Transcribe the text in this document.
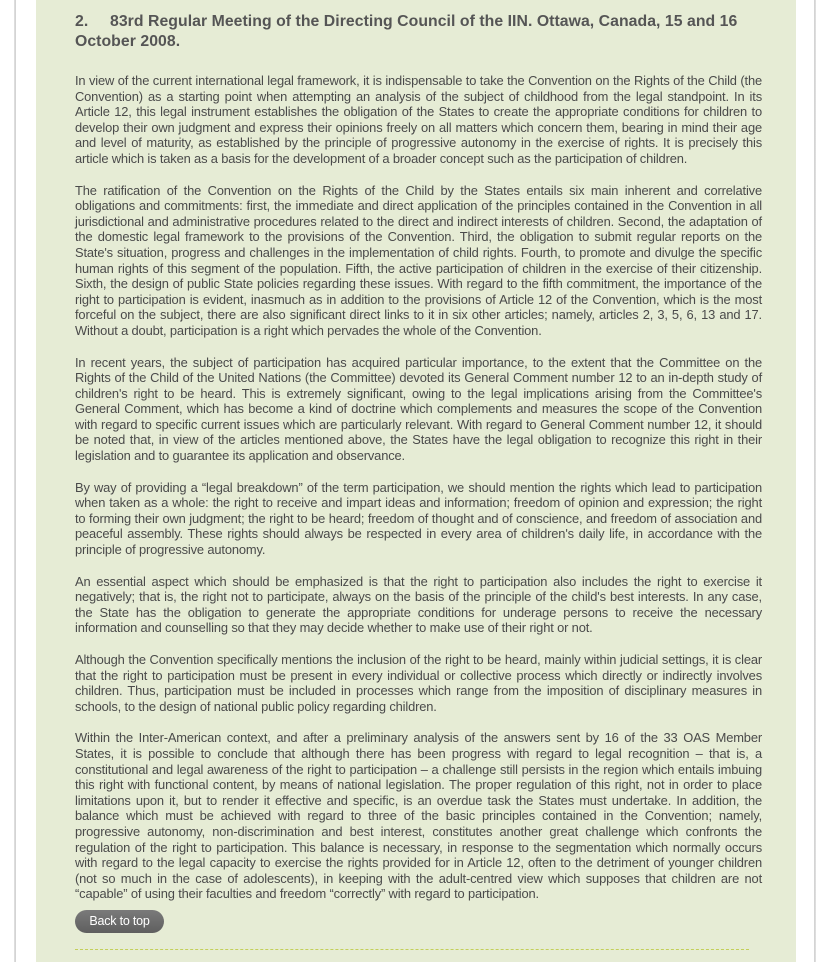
2. 83rd Regular Meeting of the Directing Council of the IIN. Ottawa, Canada, 15 and 16 October 2008.

In view of the current international legal framework, it is indispensable to take the Convention on the Rights of the Child (the Convention) as a starting point when attempting an analysis of the subject of childhood from the legal standpoint. In its Article 12, this legal instrument establishes the obligation of the States to create the appropriate conditions for children to develop their own judgment and express their opinions freely on all matters which concern them, bearing in mind their age and level of maturity, as established by the principle of progressive autonomy in the exercise of rights. It is precisely this article which is taken as a basis for the development of a broader concept such as the participation of children.

The ratification of the Convention on the Rights of the Child by the States entails six main inherent and correlative obligations and commitments: first, the immediate and direct application of the principles contained in the Convention in all jurisdictional and administrative procedures related to the direct and indirect interests of children. Second, the adaptation of the domestic legal framework to the provisions of the Convention. Third, the obligation to submit regular reports on the State's situation, progress and challenges in the implementation of child rights. Fourth, to promote and divulge the specific human rights of this segment of the population. Fifth, the active participation of children in the exercise of their citizenship. Sixth, the design of public State policies regarding these issues. With regard to the fifth commitment, the importance of the right to participation is evident, inasmuch as in addition to the provisions of Article 12 of the Convention, which is the most forceful on the subject, there are also significant direct links to it in six other articles; namely, articles 2, 3, 5, 6, 13 and 17. Without a doubt, participation is a right which pervades the whole of the Convention.

In recent years, the subject of participation has acquired particular importance, to the extent that the Committee on the Rights of the Child of the United Nations (the Committee) devoted its General Comment number 12 to an in-depth study of children's right to be heard. This is extremely significant, owing to the legal implications arising from the Committee's General Comment, which has become a kind of doctrine which complements and measures the scope of the Convention with regard to specific current issues which are particularly relevant. With regard to General Comment number 12, it should be noted that, in view of the articles mentioned above, the States have the legal obligation to recognize this right in their legislation and to guarantee its application and observance.

By way of providing a “legal breakdown” of the term participation, we should mention the rights which lead to participation when taken as a whole: the right to receive and impart ideas and information; freedom of opinion and expression; the right to forming their own judgment; the right to be heard; freedom of thought and of conscience, and freedom of association and peaceful assembly. These rights should always be respected in every area of children's daily life, in accordance with the principle of progressive autonomy.

An essential aspect which should be emphasized is that the right to participation also includes the right to exercise it negatively; that is, the right not to participate, always on the basis of the principle of the child's best interests. In any case, the State has the obligation to generate the appropriate conditions for underage persons to receive the necessary information and counselling so that they may decide whether to make use of their right or not.

Although the Convention specifically mentions the inclusion of the right to be heard, mainly within judicial settings, it is clear that the right to participation must be present in every individual or collective process which directly or indirectly involves children. Thus, participation must be included in processes which range from the imposition of disciplinary measures in schools, to the design of national public policy regarding children.

Within the Inter-American context, and after a preliminary analysis of the answers sent by 16 of the 33 OAS Member States, it is possible to conclude that although there has been progress with regard to legal recognition – that is, a constitutional and legal awareness of the right to participation – a challenge still persists in the region which entails imbuing this right with functional content, by means of national legislation. The proper regulation of this right, not in order to place limitations upon it, but to render it effective and specific, is an overdue task the States must undertake. In addition, the balance which must be achieved with regard to three of the basic principles contained in the Convention; namely, progressive autonomy, non-discrimination and best interest, constitutes another great challenge which confronts the regulation of the right to participation. This balance is necessary, in response to the segmentation which normally occurs with regard to the legal capacity to exercise the rights provided for in Article 12, often to the detriment of younger children (not so much in the case of adolescents), in keeping with the adult-centred view which supposes that children are not “capable” of using their faculties and freedom “correctly” with regard to participation.

Back to top
